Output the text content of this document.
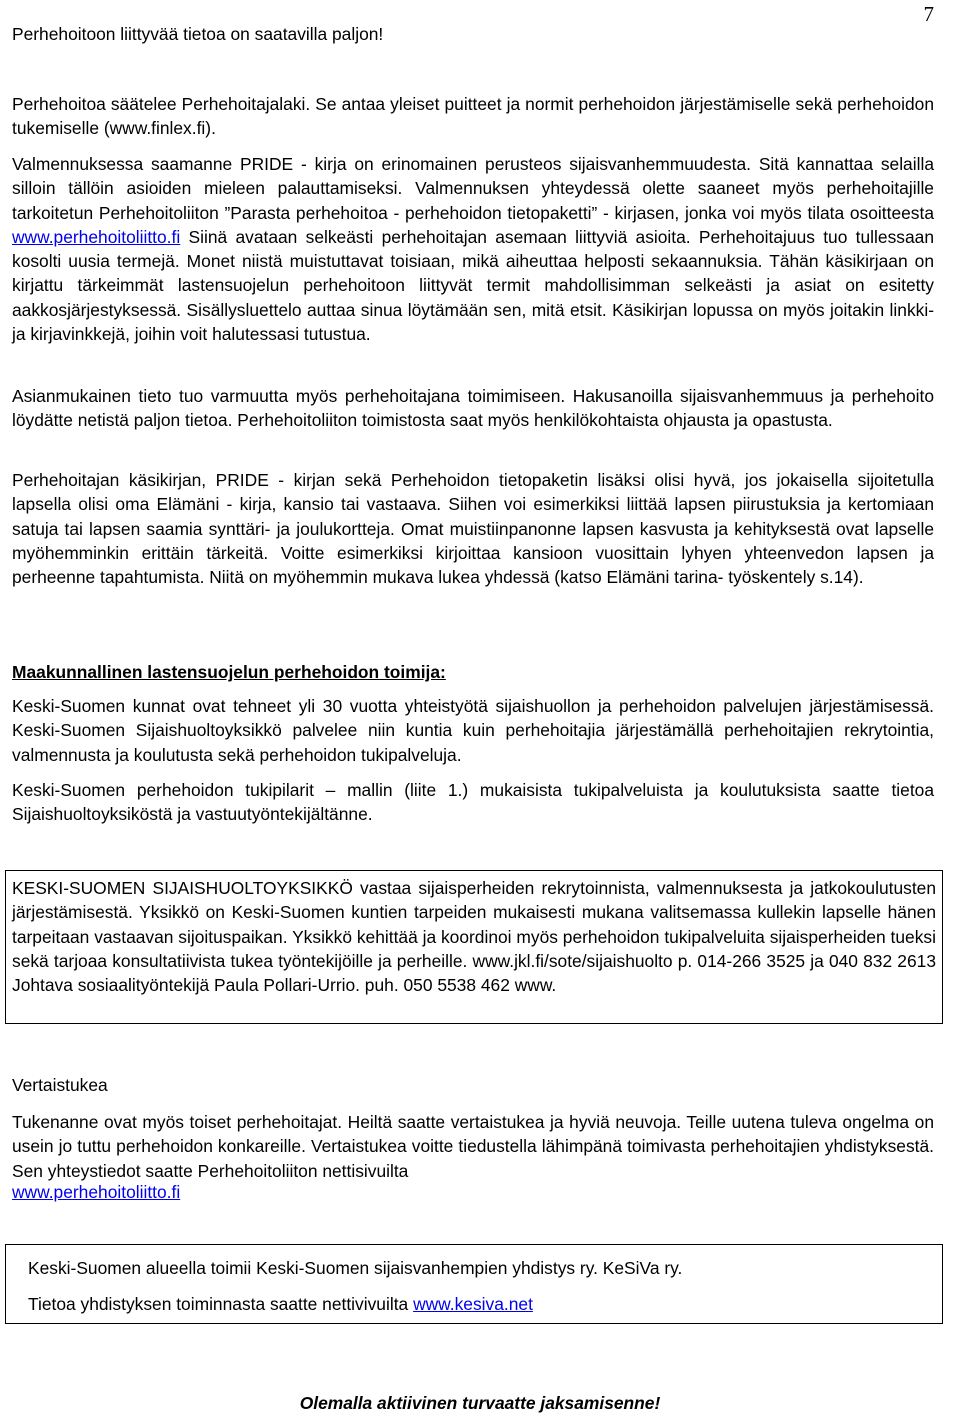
7
Perhehoitoon liittyvää tietoa on saatavilla paljon!

Perhehoitoa säätelee Perhehoitajalaki. Se antaa yleiset puitteet ja normit perhehoidon järjestämiselle sekä perhehoidon tukemiselle (www.finlex.fi).

Valmennuksessa saamanne PRIDE - kirja on erinomainen perusteos sijaisvanhemmuudesta. Sitä kannattaa selailla silloin tällöin asioiden mieleen palauttamiseksi. Valmennuksen yhteydessä olette saaneet myös perhehoitajille tarkoitetun Perhehoitoliiton ”Parasta perhehoitoa - perhehoidon tietopaketti” - kirjasen, jonka voi myös tilata osoitteesta www.perhehoitoliitto.fi Siinä avataan selkeästi perhehoitajan asemaan liittyviä asioita. Perhehoitajuus tuo tullessaan kosolti uusia termejä. Monet niistä muistuttavat toisiaan, mikä aiheuttaa helposti sekaannuksia. Tähän käsikirjaan on kirjattu tärkeimmät lastensuojelun perhehoitoon liittyvät termit mahdollisimman selkeästi ja asiat on esitetty aakkosjärjestyksessä. Sisällysluettelo auttaa sinua löytämään sen, mitä etsit. Käsikirjan lopussa on myös joitakin linkki- ja kirjavinkkejä, joihin voit halutessasi tutustua.

Asianmukainen tieto tuo varmuutta myös perhehoitajana toimimiseen. Hakusanoilla sijaisvanhemmuus ja perhehoito löydätte netistä paljon tietoa. Perhehoitoliiton toimistosta saat myös henkilökohtaista ohjausta ja opastusta.

Perhehoitajan käsikirjan, PRIDE - kirjan sekä Perhehoidon tietopaketin lisäksi olisi hyvä, jos jokaisella sijoitetulla lapsella olisi oma Elämäni - kirja, kansio tai vastaava. Siihen voi esimerkiksi liittää lapsen piirustuksia ja kertomiaan satuja tai lapsen saamia synttäri- ja joulukortteja. Omat muistiinpanonne lapsen kasvusta ja kehityksestä ovat lapselle myöhemminkin erittäin tärkeitä. Voitte esimerkiksi kirjoittaa kansioon vuosittain lyhyen yhteenvedon lapsen ja perheenne tapahtumista. Niitä on myöhemmin mukava lukea yhdessä (katso Elämäni tarina- työskentely s.14).

Maakunnallinen lastensuojelun perhehoidon toimija:

Keski-Suomen kunnat ovat tehneet yli 30 vuotta yhteistyötä sijaishuollon ja perhehoidon palvelujen järjestämisessä. Keski-Suomen Sijaishuoltoyksikkö palvelee niin kuntia kuin perhehoitajia järjestämällä perhehoitajien rekrytointia, valmennusta ja koulutusta sekä perhehoidon tukipalveluja.

Keski-Suomen perhehoidon tukipilarit – mallin (liite 1.) mukaisista tukipalveluista ja koulutuksista saatte tietoa Sijaishuoltoyksiköstä ja vastuutyöntekijältänne.

KESKI-SUOMEN SIJAISHUOLTOYKSIKKÖ vastaa sijaisperheiden rekrytoinnista, valmennuksesta ja jatkokoulutusten järjestämisestä. Yksikkö on Keski-Suomen kuntien tarpeiden mukaisesti mukana valitsemassa kullekin lapselle hänen tarpeitaan vastaavan sijoituspaikan. Yksikkö kehittää ja koordinoi myös perhehoidon tukipalveluita sijaisperheiden tueksi sekä tarjoaa konsultatiivista tukea työntekijöille ja perheille. www.jkl.fi/sote/sijaishuolto p. 014-266 3525 ja 040 832 2613 Johtava sosiaalityöntekijä Paula Pollari-Urrio. puh. 050 5538 462 www.

Vertaistukea

Tukenanne ovat myös toiset perhehoitajat. Heiltä saatte vertaistukea ja hyviä neuvoja. Teille uutena tuleva ongelma on usein jo tuttu perhehoidon konkareille. Vertaistukea voitte tiedustella lähimpänä toimivasta perhehoitajien yhdistyksestä. Sen yhteystiedot saatte Perhehoitoliiton nettisivuilta

www.perhehoitoliitto.fi

Keski-Suomen alueella toimii Keski-Suomen sijaisvanhempien yhdistys ry. KeSiVa ry.

Tietoa yhdistyksen toiminnasta saatte nettivivuilta www.kesiva.net

Olemalla aktiivinen turvaatte jaksamisenne!
